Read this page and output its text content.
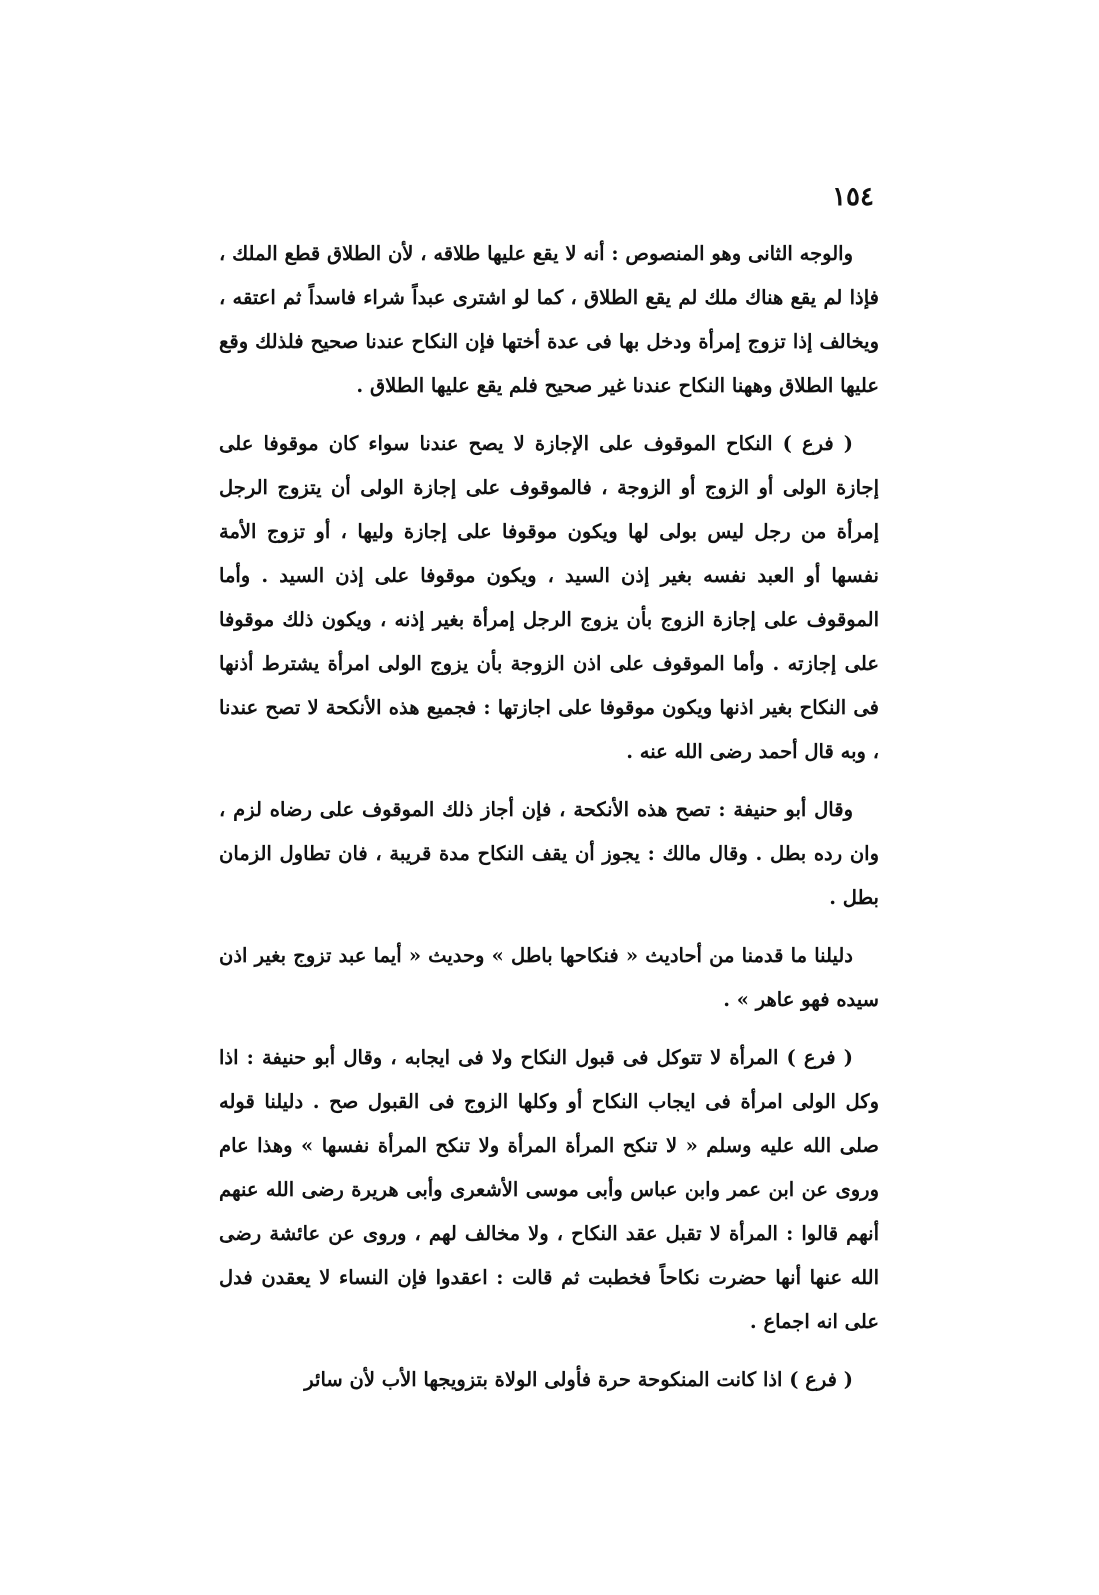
١٥٤

والوجه الثانى وهو المنصوص : أنه لا يقع عليها طلاقه ، لأن الطلاق قطع الملك ، فإذا لم يقع هناك ملك لم يقع الطلاق ، كما لو اشترى عبداً شراء فاسداً ثم اعتقه ، ويخالف إذا تزوج إمرأة ودخل بها فى عدة أختها فإن النكاح عندنا صحيح فلذلك وقع عليها الطلاق وههنا النكاح عندنا غير صحيح فلم يقع عليها الطلاق .

( فرع ) النكاح الموقوف على الإجازة لا يصح عندنا سواء كان موقوفا على إجازة الولى أو الزوج أو الزوجة ، فالموقوف على إجازة الولى أن يتزوج الرجل إمرأة من رجل ليس بولى لها ويكون موقوفا على إجازة وليها ، أو تزوج الأمة نفسها أو العبد نفسه بغير إذن السيد ، ويكون موقوفا على إذن السيد . وأما الموقوف على إجازة الزوج بأن يزوج الرجل إمرأة بغير إذنه ، ويكون ذلك موقوفا على إجازته . وأما الموقوف على اذن الزوجة بأن يزوج الولى امرأة يشترط أذنها فى النكاح بغير اذنها ويكون موقوفا على اجازتها : فجميع هذه الأنكحة لا تصح عندنا ، وبه قال أحمد رضى الله عنه .

وقال أبو حنيفة : تصح هذه الأنكحة ، فإن أجاز ذلك الموقوف على رضاه لزم ، وان رده بطل . وقال مالك : يجوز أن يقف النكاح مدة قريبة ، فان تطاول الزمان بطل .

دليلنا ما قدمنا من أحاديث « فنكاحها باطل » وحديث « أيما عبد تزوج بغير اذن سيده فهو عاهر » .

( فرع ) المرأة لا تتوكل فى قبول النكاح ولا فى ايجابه ، وقال أبو حنيفة : اذا وكل الولى امرأة فى ايجاب النكاح أو وكلها الزوج فى القبول صح . دليلنا قوله صلى الله عليه وسلم « لا تنكح المرأة المرأة ولا تنكح المرأة نفسها » وهذا عام وروى عن ابن عمر وابن عباس وأبى موسى الأشعرى وأبى هريرة رضى الله عنهم أنهم قالوا : المرأة لا تقبل عقد النكاح ، ولا مخالف لهم ، وروى عن عائشة رضى الله عنها أنها حضرت نكاحاً فخطبت ثم قالت : اعقدوا فإن النساء لا يعقدن فدل على انه اجماع .

( فرع ) اذا كانت المنكوحة حرة فأولى الولاة بتزويجها الأب لأن سائر
